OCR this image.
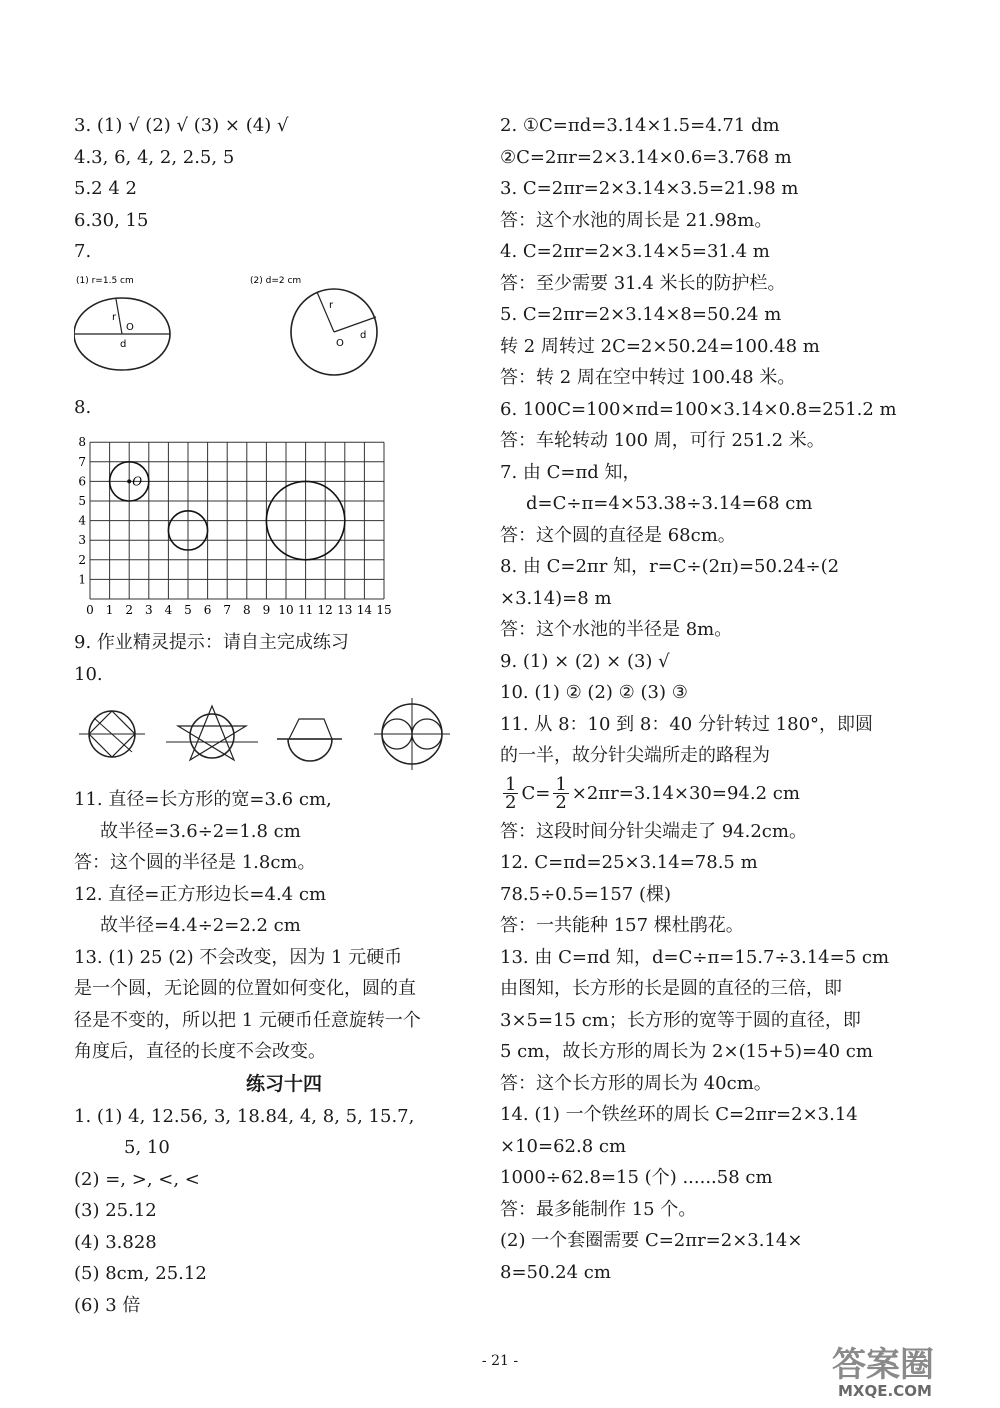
3. (1) √ (2) √ (3) × (4) √
4.3, 6, 4, 2, 2.5, 5
5.2 4 2
6.30, 15
7.
(1) r=1.5 cm
r
O
d
(2) d=2 cm
r
O
d
8.
0 1 2 3 4 5 6 7 8 9 10 11 12 13 14 15
1
2
3
4
5
6
7
8
O
9. 作业精灵提示：请自主完成练习
10.
11. 直径=长方形的宽=3.6 cm,
故半径=3.6÷2=1.8 cm
答：这个圆的半径是 1.8cm。
12. 直径=正方形边长=4.4 cm
故半径=4.4÷2=2.2 cm
13. (1) 25 (2) 不会改变，因为 1 元硬币
是一个圆，无论圆的位置如何变化，圆的直
径是不变的，所以把 1 元硬币任意旋转一个
角度后，直径的长度不会改变。
练习十四
1. (1) 4, 12.56, 3, 18.84, 4, 8, 5, 15.7,
5, 10
(2) =, >, <, <
(3) 25.12
(4) 3.828
(5) 8cm, 25.12
(6) 3 倍
2. ①C=πd=3.14×1.5=4.71 dm
②C=2πr=2×3.14×0.6=3.768 m
3. C=2πr=2×3.14×3.5=21.98 m
答：这个水池的周长是 21.98m。
4. C=2πr=2×3.14×5=31.4 m
答：至少需要 31.4 米长的防护栏。
5. C=2πr=2×3.14×8=50.24 m
转 2 周转过 2C=2×50.24=100.48 m
答：转 2 周在空中转过 100.48 米。
6. 100C=100×πd=100×3.14×0.8=251.2 m
答：车轮转动 100 周，可行 251.2 米。
7. 由 C=πd 知，
d=C÷π=4×53.38÷3.14=68 cm
答：这个圆的直径是 68cm。
8. 由 C=2πr 知，r=C÷(2π)=50.24÷(2
×3.14)=8 m
答：这个水池的半径是 8m。
9. (1) × (2) × (3) √
10. (1) ② (2) ② (3) ③
11. 从 8：10 到 8：40 分针转过 180°，即圆
的一半，故分针尖端所走的路程为
$\frac{1}{2} C= \frac{1}{2} \times 2\pi r=3.14\times 30=94.2$ cm
答：这段时间分针尖端走了 94.2cm。
12. C=πd=25×3.14=78.5 m
78.5÷0.5=157 (棵)
答：一共能种 157 棵杜鹃花。
13. 由 C=πd 知，d=C÷π=15.7÷3.14=5 cm
由图知，长方形的长是圆的直径的三倍，即
3×5=15 cm；长方形的宽等于圆的直径，即
5 cm，故长方形的周长为 2×(15+5)=40 cm
答：这个长方形的周长为 40cm。
14. (1) 一个铁丝环的周长 C=2πr=2×3.14
×10=62.8 cm
1000÷62.8=15 (个) ......58 cm
答：最多能制作 15 个。
(2) 一个套圈需要 C=2πr=2×3.14×
8=50.24 cm
- 21 -	答案圈
MXQE.COM
